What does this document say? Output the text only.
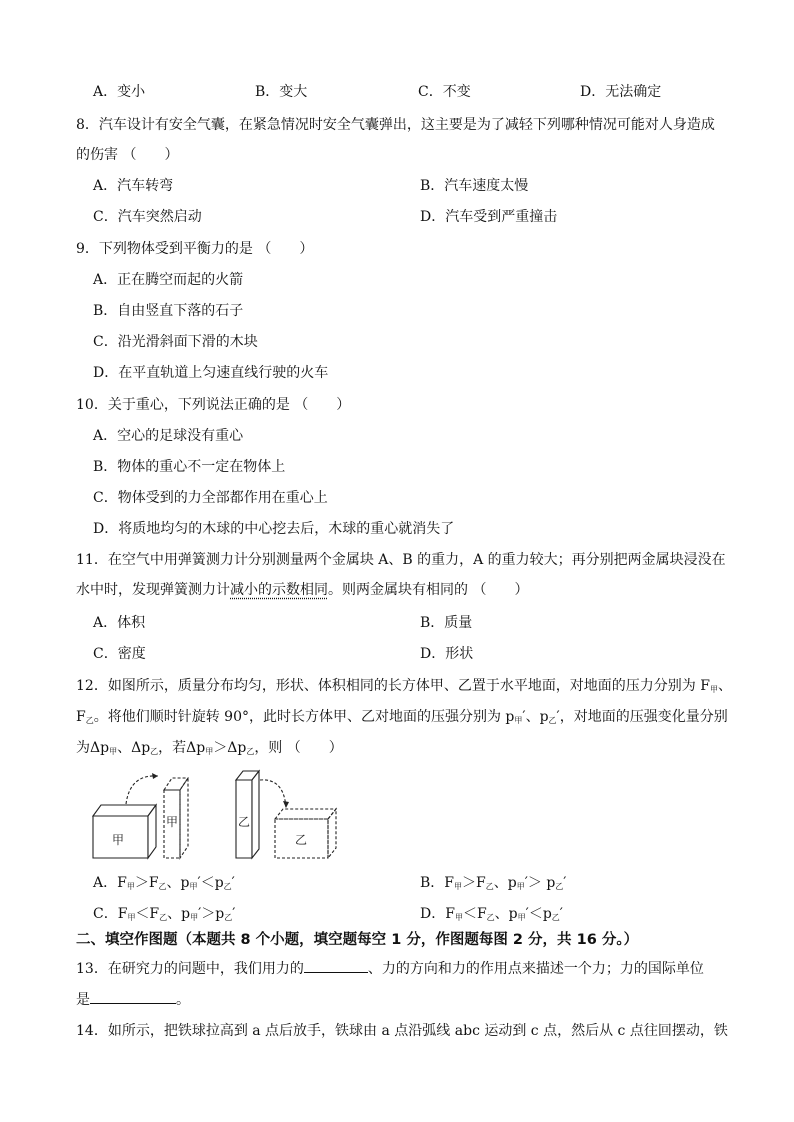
A．变小	B．变大	C．不变	D．无法确定
8．汽车设计有安全气囊，在紧急情况时安全气囊弹出，这主要是为了减轻下列哪种情况可能对人身造成
的伤害 （　　）
A．汽车转弯	B．汽车速度太慢
C．汽车突然启动	D．汽车受到严重撞击
9．下列物体受到平衡力的是 （　　）
A．正在腾空而起的火箭
B．自由竖直下落的石子
C．沿光滑斜面下滑的木块
D．在平直轨道上匀速直线行驶的火车
10．关于重心，下列说法正确的是 （　　）
A．空心的足球没有重心
B．物体的重心不一定在物体上
C．物体受到的力全部都作用在重心上
D．将质地均匀的木球的中心挖去后，木球的重心就消失了
11．在空气中用弹簧测力计分别测量两个金属块 A、B 的重力，A 的重力较大；再分别把两金属块浸没在
水中时，发现弹簧测力计减小的示数相同。则两金属块有相同的 （　　）
A．体积	B．质量
C．密度	D．形状
12．如图所示，质量分布均匀，形状、体积相同的长方体甲、乙置于水平地面，对地面的压力分别为 $F_甲$、
$F_乙$。将他们顺时针旋转 90°，此时长方体甲、乙对地面的压强分别为 $p_甲'$、$p_乙'$，对地面的压强变化量分别
为$\Delta p_甲$、$\Delta p_乙$，若$\Delta p_甲>\Delta p_乙$，则 （　　）
甲
甲	乙
乙
A．$F_甲>F_乙$、$p_甲'<p_乙'$	B．$F_甲>F_乙$、$p_甲'> p_乙'$
C．$F_甲<F_乙$、$p_甲'>p_乙'$	D．$F_甲<F_乙$、$p_甲'<p_乙'$
二、填空作图题（本题共 8 个小题，填空题每空 1 分，作图题每图 2 分，共 16 分。）
13．在研究力的问题中，我们用力的	、力的方向和力的作用点来描述一个力；力的国际单位
是	。
14．如所示，把铁球拉高到 a 点后放手，铁球由 a 点沿弧线 abc 运动到 c 点，然后从 c 点往回摆动，铁
